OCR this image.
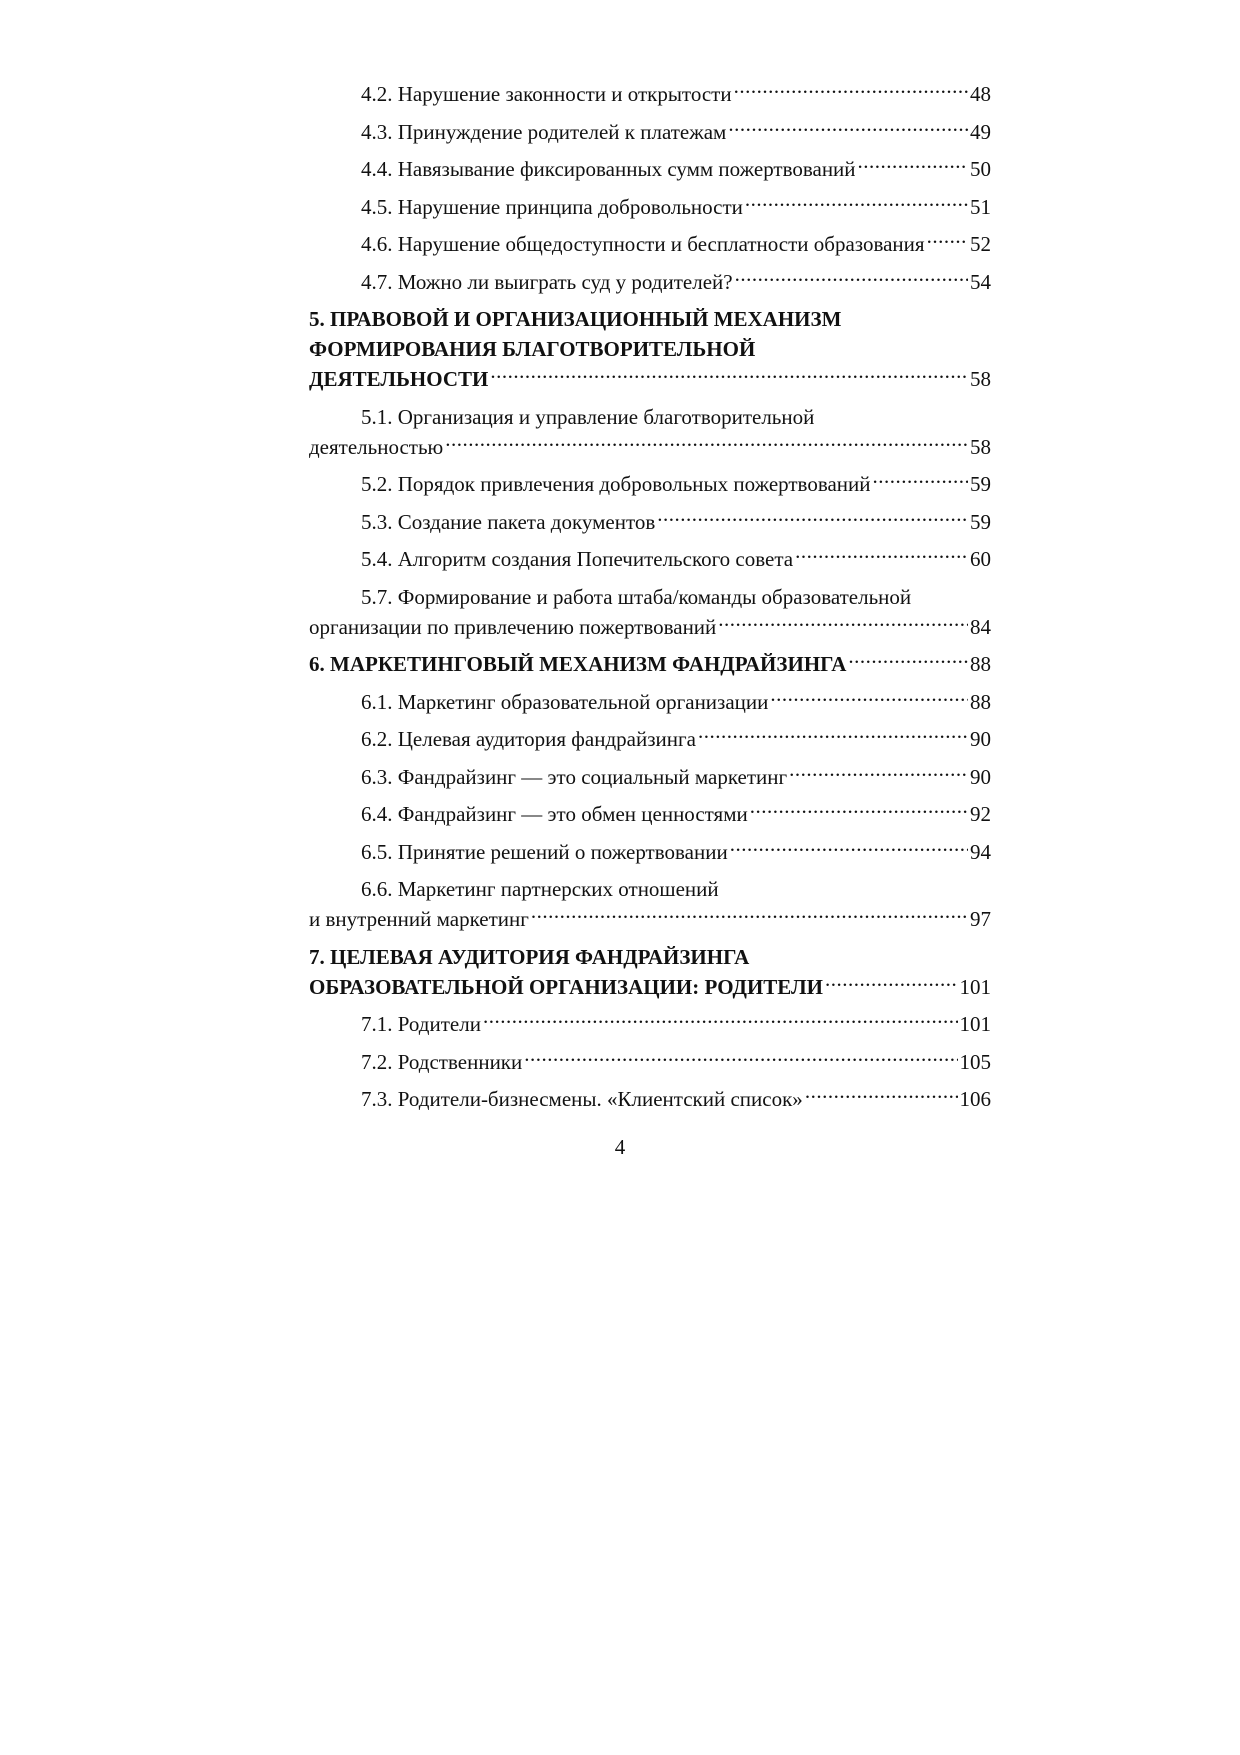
4.2. Нарушение законности и открытости .....	48
4.3. Принуждение родителей к платежам .....	49
4.4. Навязывание фиксированных сумм пожертвований .....	50
4.5. Нарушение принципа добровольности .....	51
4.6. Нарушение общедоступности и бесплатности образования ..... 52
4.7. Можно ли выиграть суд у родителей? .....	54
5. ПРАВОВОЙ И ОРГАНИЗАЦИОННЫЙ МЕХАНИЗМ
ФОРМИРОВАНИЯ БЛАГОТВОРИТЕЛЬНОЙ
ДЕЯТЕЛЬНОСТИ .....	58
5.1. Организация и управление благотворительной
деятельностью .....	58
5.2. Порядок привлечения добровольных пожертвований .....	59
5.3. Создание пакета документов .....	59
5.4. Алгоритм создания Попечительского совета .....	60
5.7. Формирование и работа штаба/команды образовательной
организации по привлечению пожертвований .....	84
6. МАРКЕТИНГОВЫЙ МЕХАНИЗМ ФАНДРАЙЗИНГА .....	88
6.1. Маркетинг образовательной организации .....	88
6.2. Целевая аудитория фандрайзинга .....	90
6.3. Фандрайзинг — это социальный маркетинг .....	90
6.4. Фандрайзинг — это обмен ценностями .....	92
6.5. Принятие решений о пожертвовании .....	94
6.6. Маркетинг партнерских отношений
и внутренний маркетинг .....	97
7. ЦЕЛЕВАЯ АУДИТОРИЯ ФАНДРАЙЗИНГА
ОБРАЗОВАТЕЛЬНОЙ ОРГАНИЗАЦИИ: РОДИТЕЛИ .....	101
7.1. Родители .....	101
7.2. Родственники .....	105
7.3. Родители-бизнесмены. «Клиентский список» .....	106
4
